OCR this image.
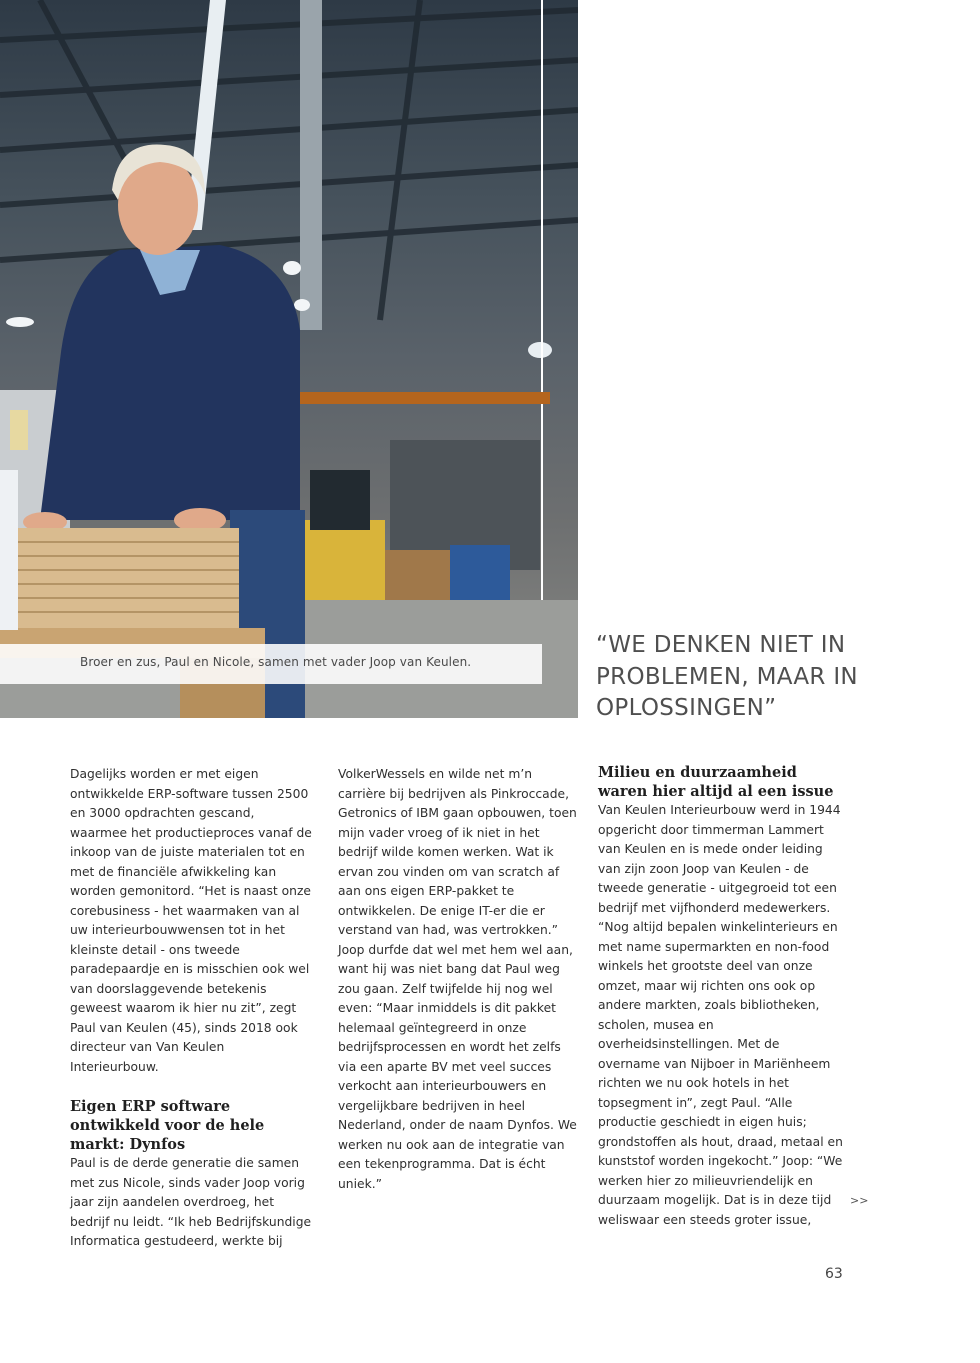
Broer en zus, Paul en Nicole, samen met vader Joop van Keulen.
“WE DENKEN NIET IN PROBLEMEN, MAAR IN OPLOSSINGEN”

Dagelijks worden er met eigen ontwikkelde ERP-software tussen 2500 en 3000 opdrachten gescand, waarmee het productieproces vanaf de inkoop van de juiste materialen tot en met de financiële afwikkeling kan worden gemonitord. “Het is naast onze corebusiness - het waarmaken van al uw interieurbouwwensen tot in het kleinste detail - ons tweede paradepaardje en is misschien ook wel van doorslaggevende betekenis geweest waarom ik hier nu zit”, zegt Paul van Keulen (45), sinds 2018 ook directeur van Van Keulen Interieurbouw.

Eigen ERP software ontwikkeld voor de hele markt: Dynfos

Paul is de derde generatie die samen met zus Nicole, sinds vader Joop vorig jaar zijn aandelen overdroeg, het bedrijf nu leidt. “Ik heb Bedrijfskundige Informatica gestudeerd, werkte bij

VolkerWessels en wilde net m’n carrière bij bedrijven als Pinkroccade, Getronics of IBM gaan opbouwen, toen mijn vader vroeg of ik niet in het bedrijf wilde komen werken. Wat ik ervan zou vinden om van scratch af aan ons eigen ERP-pakket te ontwikkelen. De enige IT-er die er verstand van had, was vertrokken.” Joop durfde dat wel met hem wel aan, want hij was niet bang dat Paul weg zou gaan. Zelf twijfelde hij nog wel even: “Maar inmiddels is dit pakket helemaal geïntegreerd in onze bedrijfsprocessen en wordt het zelfs via een aparte BV met veel succes verkocht aan interieurbouwers en vergelijkbare bedrijven in heel Nederland, onder de naam Dynfos. We werken nu ook aan de integratie van een tekenprogramma. Dat is écht uniek.”

Milieu en duurzaamheid waren hier altijd al een issue

Van Keulen Interieurbouw werd in 1944 opgericht door timmerman Lammert van Keulen en is mede onder leiding van zijn zoon Joop van Keulen - de tweede generatie - uitgegroeid tot een bedrijf met vijfhonderd medewerkers. “Nog altijd bepalen winkelinterieurs en met name supermarkten en non-food winkels het grootste deel van onze omzet, maar wij richten ons ook op andere markten, zoals bibliotheken, scholen, musea en overheidsinstellingen. Met de overname van Nijboer in Mariënheem richten we nu ook hotels in het topsegment in”, zegt Paul. “Alle productie geschiedt in eigen huis; grondstoffen als hout, draad, metaal en kunststof worden ingekocht.” Joop: “We werken hier zo milieuvriendelijk en duurzaam mogelijk. Dat is in deze tijd weliswaar een steeds groter issue,

>>
63
